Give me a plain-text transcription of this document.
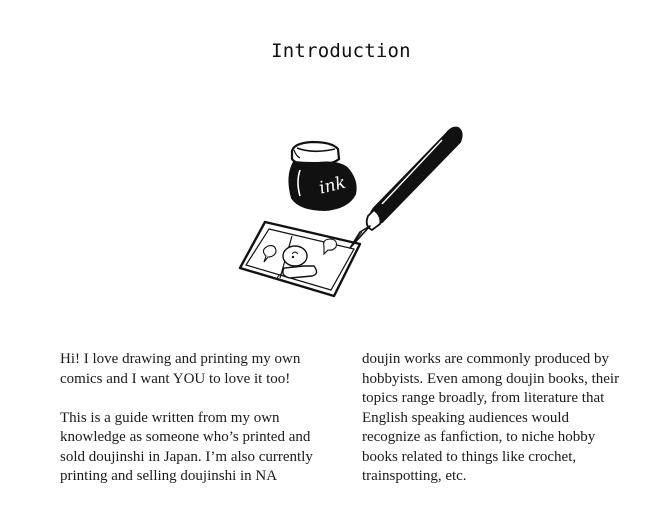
Introduction
ink

Hi! I love drawing and printing my own comics and I want YOU to love it too!

This is a guide written from my own knowledge as someone who’s printed and sold doujinshi in Japan. I’m also currently printing and selling doujinshi in NA

doujin works are commonly produced by hobbyists. Even among doujin books, their topics range broadly, from literature that English speaking audiences would recognize as fanfiction, to niche hobby books related to things like crochet, trainspotting, etc.
